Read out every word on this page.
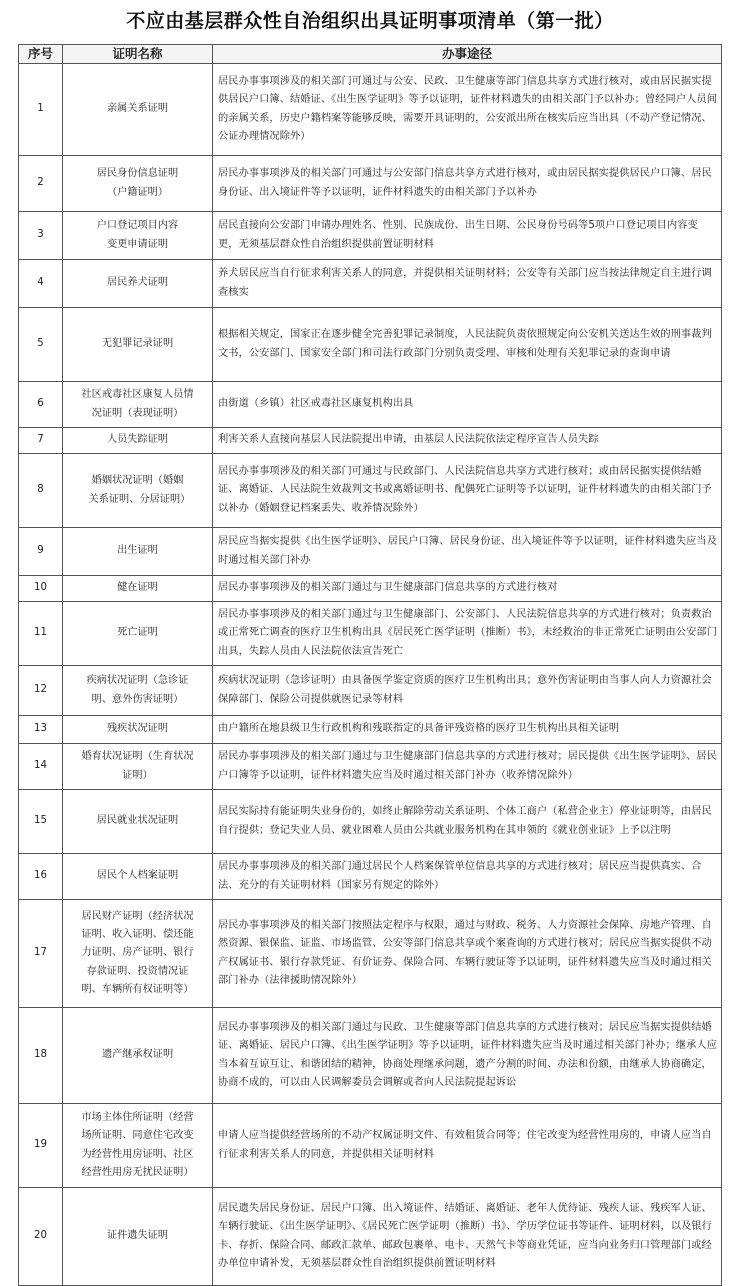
不应由基层群众性自治组织出具证明事项清单（第一批）
序号	证明名称	办事途径
1	亲属关系证明	居民办事事项涉及的相关部门可通过与公安、民政、卫生健康等部门信息共享方式进行核对，或由居民据实提供居民户口簿、结婚证、《出生医学证明》等予以证明，证件材料遗失的由相关部门予以补办；曾经同户人员间的亲属关系，历史户籍档案等能够反映，需要开具证明的，公安派出所在核实后应当出具（不动产登记情况、公证办理情况除外）
2	居民身份信息证明（户籍证明）	居民办事事项涉及的相关部门可通过与公安部门信息共享方式进行核对，或由居民据实提供居民户口簿、居民身份证、出入境证件等予以证明，证件材料遗失的由相关部门予以补办
3	户口登记项目内容变更申请证明	居民直接向公安部门申请办理姓名、性别、民族成份、出生日期、公民身份号码等5项户口登记项目内容变更，无须基层群众性自治组织提供前置证明材料
4	居民养犬证明	养犬居民应当自行征求利害关系人的同意，并提供相关证明材料；公安等有关部门应当按法律规定自主进行调查核实
5	无犯罪记录证明	根据相关规定，国家正在逐步健全完善犯罪记录制度，人民法院负责依照规定向公安机关送达生效的刑事裁判文书，公安部门、国家安全部门和司法行政部门分别负责受理、审核和处理有关犯罪记录的查询申请
6	社区戒毒社区康复人员情况证明（表现证明）	由街道（乡镇）社区戒毒社区康复机构出具
7	人员失踪证明	利害关系人直接向基层人民法院提出申请，由基层人民法院依法定程序宣告人员失踪
8	婚姻状况证明（婚姻关系证明、分居证明）	居民办事事项涉及的相关部门可通过与民政部门、人民法院信息共享方式进行核对；或由居民据实提供结婚证、离婚证、人民法院生效裁判文书或离婚证明书、配偶死亡证明等予以证明，证件材料遗失的由相关部门予以补办（婚姻登记档案丢失、收养情况除外）
9	出生证明	居民应当据实提供《出生医学证明》、居民户口簿、居民身份证、出入境证件等予以证明，证件材料遗失应当及时通过相关部门补办
10	健在证明	居民办事事项涉及的相关部门通过与卫生健康部门信息共享的方式进行核对
11	死亡证明	居民办事事项涉及的相关部门通过与卫生健康部门、公安部门、人民法院信息共享的方式进行核对；负责救治或正常死亡调查的医疗卫生机构出具《居民死亡医学证明（推断）书》，未经救治的非正常死亡证明由公安部门出具，失踪人员由人民法院依法宣告死亡
12	疾病状况证明（急诊证明、意外伤害证明）	疾病状况证明（急诊证明）由具备医学鉴定资质的医疗卫生机构出具；意外伤害证明由当事人向人力资源社会保障部门、保险公司提供就医记录等材料
13	残疾状况证明	由户籍所在地县级卫生行政机构和残联指定的具备评残资格的医疗卫生机构出具相关证明
14	婚育状况证明（生育状况证明）	居民办事事项涉及的相关部门通过与卫生健康部门信息共享的方式进行核对；居民提供《出生医学证明》、居民户口簿等予以证明，证件材料遗失应当及时通过相关部门补办（收养情况除外）
15	居民就业状况证明	居民实际持有能证明失业身份的，如终止解除劳动关系证明、个体工商户（私营企业主）停业证明等，由居民自行提供；登记失业人员、就业困难人员由公共就业服务机构在其申领的《就业创业证》上予以注明
16	居民个人档案证明	居民办事事项涉及的相关部门通过居民个人档案保管单位信息共享的方式进行核对；居民应当提供真实、合法、充分的有关证明材料（国家另有规定的除外）
17	居民财产证明（经济状况证明、收入证明、偿还能力证明、房产证明、银行存款证明、投资情况证明、车辆所有权证明等）	居民办事事项涉及的相关部门按照法定程序与权限，通过与财政、税务、人力资源社会保障、房地产管理、自然资源、银保监、证监、市场监管、公安等部门信息共享或个案查询的方式进行核对；居民应当据实提供不动产权属证书、银行存款凭证、有价证券、保险合同、车辆行驶证等予以证明，证件材料遗失应当及时通过相关部门补办（法律援助情况除外）
18	遗产继承权证明	居民办事事项涉及的相关部门通过与民政、卫生健康等部门信息共享的方式进行核对；居民应当据实提供结婚证、离婚证、居民户口簿、《出生医学证明》等予以证明，证件材料遗失应当及时通过相关部门补办；继承人应当本着互谅互让、和谐团结的精神，协商处理继承问题，遗产分割的时间、办法和份额，由继承人协商确定，协商不成的，可以由人民调解委员会调解或者向人民法院提起诉讼
19	市场主体住所证明（经营场所证明、同意住宅改变为经营性用房证明、社区经营性用房无扰民证明）	申请人应当提供经营场所的不动产权属证明文件、有效租赁合同等；住宅改变为经营性用房的，申请人应当自行征求利害关系人的同意，并提供相关证明材料
20	证件遗失证明	居民遗失居民身份证、居民户口簿、出入境证件、结婚证、离婚证、老年人优待证、残疾人证、残疾军人证、车辆行驶证、《出生医学证明》、《居民死亡医学证明（推断）书》、学历学位证书等证件、证明材料，以及银行卡、存折、保险合同、邮政汇款单、邮政包裹单、电卡、天然气卡等商业凭证，应当向业务归口管理部门或经办单位申请补发，无须基层群众性自治组织提供前置证明材料
